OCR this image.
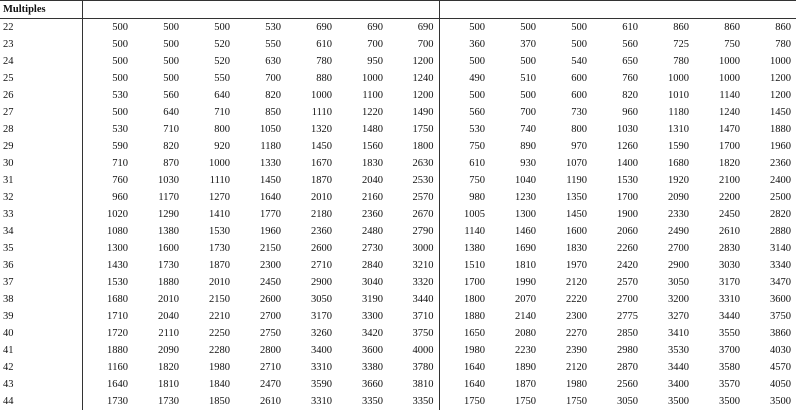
Multiples														
22	500	500	500	530	690	690	690	500	500	500	610	860	860	860
23	500	500	520	550	610	700	700	360	370	500	560	725	750	780
24	500	500	520	630	780	950	1200	500	500	540	650	780	1000	1000
25	500	500	550	700	880	1000	1240	490	510	600	760	1000	1000	1200
26	530	560	640	820	1000	1100	1200	500	500	600	820	1010	1140	1200
27	500	640	710	850	1110	1220	1490	560	700	730	960	1180	1240	1450
28	530	710	800	1050	1320	1480	1750	530	740	800	1030	1310	1470	1880
29	590	820	920	1180	1450	1560	1800	750	890	970	1260	1590	1700	1960
30	710	870	1000	1330	1670	1830	2630	610	930	1070	1400	1680	1820	2360
31	760	1030	1110	1450	1870	2040	2530	750	1040	1190	1530	1920	2100	2400
32	960	1170	1270	1640	2010	2160	2570	980	1230	1350	1700	2090	2200	2500
33	1020	1290	1410	1770	2180	2360	2670	1005	1300	1450	1900	2330	2450	2820
34	1080	1380	1530	1960	2360	2480	2790	1140	1460	1600	2060	2490	2610	2880
35	1300	1600	1730	2150	2600	2730	3000	1380	1690	1830	2260	2700	2830	3140
36	1430	1730	1870	2300	2710	2840	3210	1510	1810	1970	2420	2900	3030	3340
37	1530	1880	2010	2450	2900	3040	3320	1700	1990	2120	2570	3050	3170	3470
38	1680	2010	2150	2600	3050	3190	3440	1800	2070	2220	2700	3200	3310	3600
39	1710	2040	2210	2700	3170	3300	3710	1880	2140	2300	2775	3270	3440	3750
40	1720	2110	2250	2750	3260	3420	3750	1650	2080	2270	2850	3410	3550	3860
41	1880	2090	2280	2800	3400	3600	4000	1980	2230	2390	2980	3530	3700	4030
42	1160	1820	1980	2710	3310	3380	3780	1640	1890	2120	2870	3440	3580	4570
43	1640	1810	1840	2470	3590	3660	3810	1640	1870	1980	2560	3400	3570	4050
44	1730	1730	1850	2610	3310	3350	3350	1750	1750	1750	3050	3500	3500	3500
